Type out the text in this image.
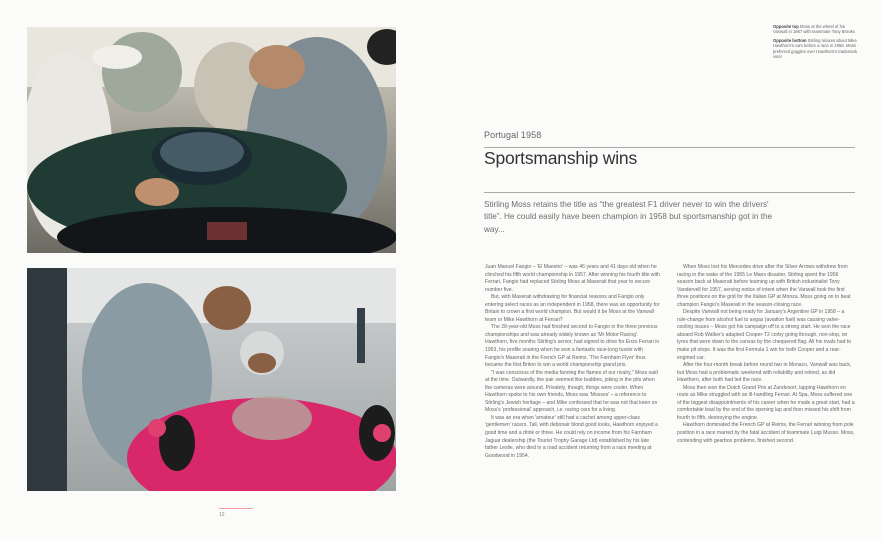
Opposite top Moss at the wheel of his Vanwall in 1957 with teammate Tony Brooks

Opposite bottom Stirling relaxes about Mike Hawthorn's cars before a race in 1958. Moss preferred goggles over Hawthorn's trademark visor

Portugal 1958
Sportsmanship wins
Stirling Moss retains the title as “the greatest F1 driver never to win the drivers' title”. He could easily have been champion in 1958 but sportsmanship got in the way...

Juan Manuel Fangio – 'El Maestro' – was 46 years and 41 days old when he clinched his fifth world championship in 1957. After winning his fourth title with Ferrari, Fangio had replaced Stirling Moss at Maserati that year to secure number five.

But, with Maserati withdrawing for financial reasons and Fangio only entering select races as an independent in 1958, there was an opportunity for Britain to crown a first world champion. But would it be Moss at the Vanwall team or Mike Hawthorn at Ferrari?

The 28-year-old Moss had finished second to Fangio in the three previous championships and was already widely known as 'Mr Motor Racing'. Hawthorn, five months Stirling's senior, had signed to drive for Enzo Ferrari in 1953, his profile soaring when he won a fantastic race-long tussle with Fangio's Maserati in the French GP at Reims. 'The Farnham Flyer' thus became the first Briton to win a world championship grand prix.

"I was conscious of the media fanning the flames of our rivalry," Moss said at the time. Outwardly, the pair seemed like buddies, joking in the pits when the cameras were around. Privately, though, things were cooler. When Hawthorn spoke to his own friends, Moss was 'Mosses' – a reference to Stirling's Jewish heritage – and Mike confessed that he was not that keen on Moss's 'professional' approach, i.e. racing cars for a living.

It was an era when 'amateur' still had a cachet among upper-class 'gentlemen' racers. Tall, with debonair blond good looks, Hawthorn enjoyed a good time and a drink or three. He could rely on income from his Farnham Jaguar dealership (the Tourist Trophy Garage Ltd) established by his late father Leslie, who died in a road accident returning from a race meeting at Goodwood in 1954.

When Moss lost his Mercedes drive after the Silver Arrows withdrew from racing in the wake of the 1955 Le Mans disaster, Stirling spent the 1956 season back at Maserati before teaming up with British industrialist Tony Vandervell for 1957, serving notice of intent when the Vanwall took the first three positions on the grid for the Italian GP at Monza. Moss going on to beat champion Fangio's Maserati in the season-closing race.

Despite Vanwall not being ready for January's Argentine GP in 1958 – a rule-change from alcohol fuel to avgas (aviation fuel) was causing valve-cooling issues – Moss got his campaign off to a strong start. He won the race aboard Rob Walker's adapted Cooper-T2 corby going through, non-stop, on tyres that were down to the canvas by the chequered flag. All his rivals had to make pit stops. It was the first Formula 1 win for both Cooper and a rear-engined car.

After the four-month break before round two in Monaco, Vanwall was back, but Moss had a problematic weekend with reliability and retired, as did Hawthorn, after both had led the race.

Moss then won the Dutch Grand Prix at Zandvoort, lapping Hawthorn en route as Mike struggled with an ill-handling Ferrari. At Spa, Moss suffered one of the biggest disappointments of his career when he made a great start, had a comfortable lead by the end of the opening lap and then missed his shift from fourth to fifth, destroying the engine.

Hawthorn dominated the French GP at Reims, the Ferrari winning from pole position in a race marred by the fatal accident of teammate Luigi Musso. Moss, contending with gearbox problems, finished second.

12
